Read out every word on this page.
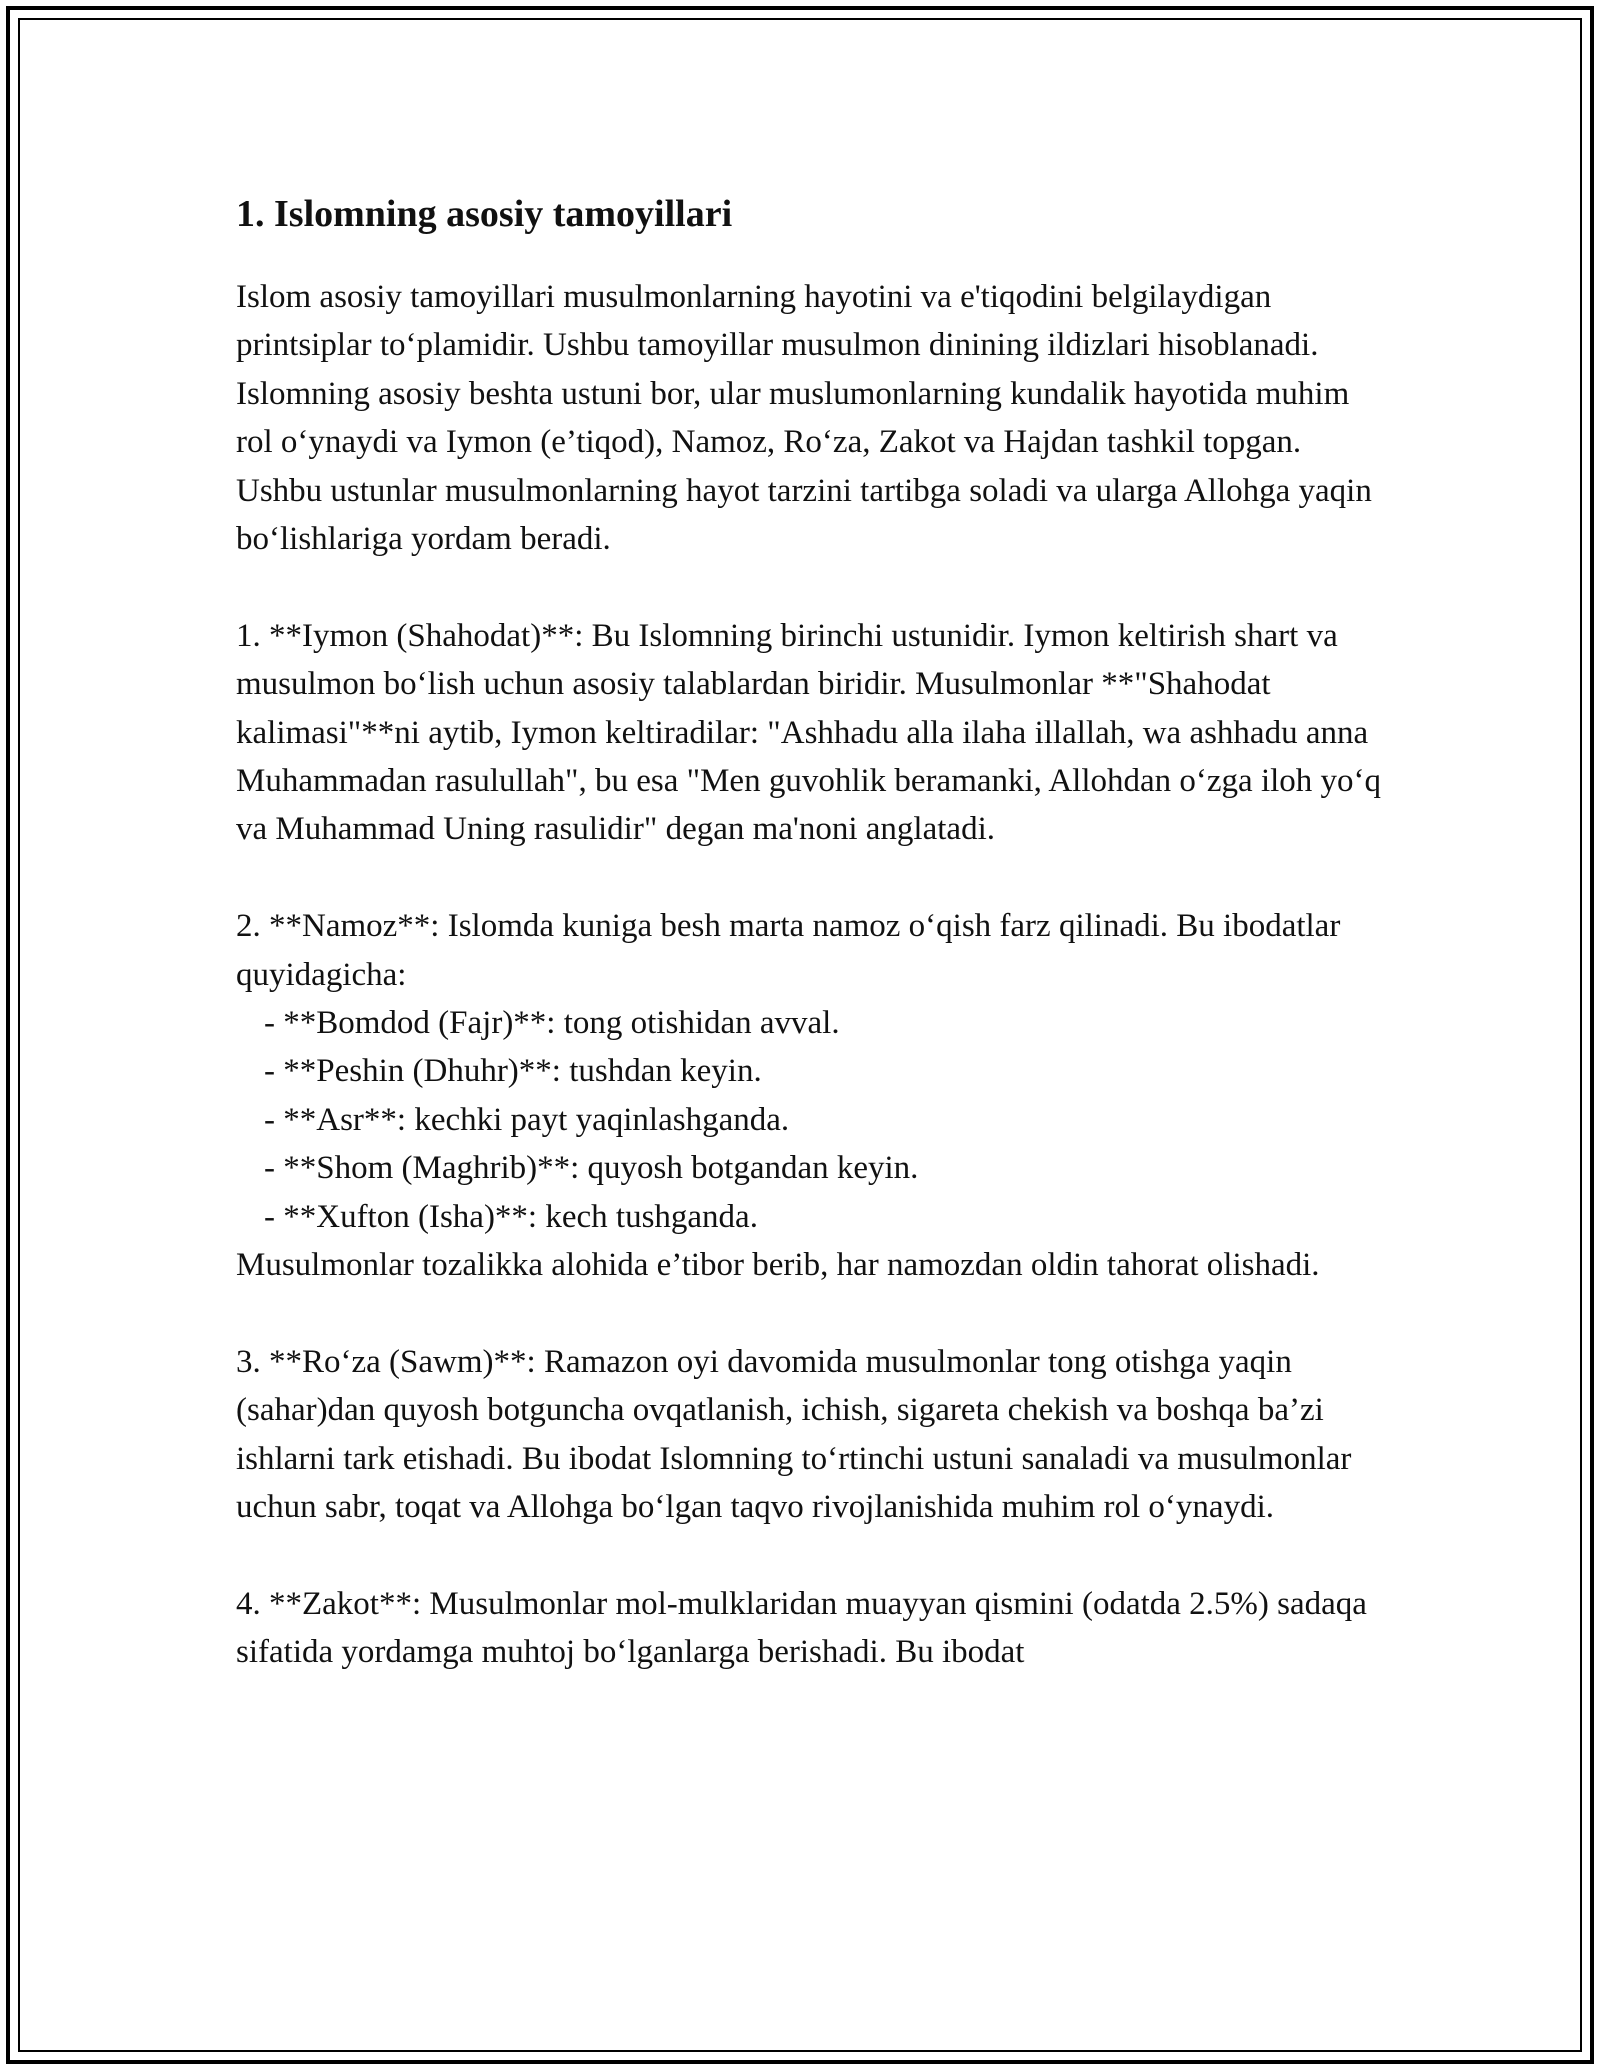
1. Islomning asosiy tamoyillari

Islom asosiy tamoyillari musulmonlarning hayotini va e'tiqodini belgilaydigan printsiplar to‘plamidir. Ushbu tamoyillar musulmon dinining ildizlari hisoblanadi. Islomning asosiy beshta ustuni bor, ular muslumonlarning kundalik hayotida muhim rol o‘ynaydi va Iymon (e’tiqod), Namoz, Ro‘za, Zakot va Hajdan tashkil topgan. Ushbu ustunlar musulmonlarning hayot tarzini tartibga soladi va ularga Allohga yaqin bo‘lishlariga yordam beradi.

1. **Iymon (Shahodat)**: Bu Islomning birinchi ustunidir. Iymon keltirish shart va musulmon bo‘lish uchun asosiy talablardan biridir. Musulmonlar **"Shahodat kalimasi"**ni aytib, Iymon keltiradilar: "Ashhadu alla ilaha illallah, wa ashhadu anna Muhammadan rasulullah", bu esa "Men guvohlik beramanki, Allohdan o‘zga iloh yo‘q va Muhammad Uning rasulidir" degan ma'noni anglatadi.

2. **Namoz**: Islomda kuniga besh marta namoz o‘qish farz qilinadi. Bu ibodatlar quyidagicha:

- **Bomdod (Fajr)**: tong otishidan avval.

- **Peshin (Dhuhr)**: tushdan keyin.

- **Asr**: kechki payt yaqinlashganda.

- **Shom (Maghrib)**: quyosh botgandan keyin.

- **Xufton (Isha)**: kech tushganda.

Musulmonlar tozalikka alohida e’tibor berib, har namozdan oldin tahorat olishadi.

3. **Ro‘za (Sawm)**: Ramazon oyi davomida musulmonlar tong otishga yaqin (sahar)dan quyosh botguncha ovqatlanish, ichish, sigareta chekish va boshqa ba’zi ishlarni tark etishadi. Bu ibodat Islomning to‘rtinchi ustuni sanaladi va musulmonlar uchun sabr, toqat va Allohga bo‘lgan taqvo rivojlanishida muhim rol o‘ynaydi.

4. **Zakot**: Musulmonlar mol-mulklaridan muayyan qismini (odatda 2.5%) sadaqa sifatida yordamga muhtoj bo‘lganlarga berishadi. Bu ibodat
